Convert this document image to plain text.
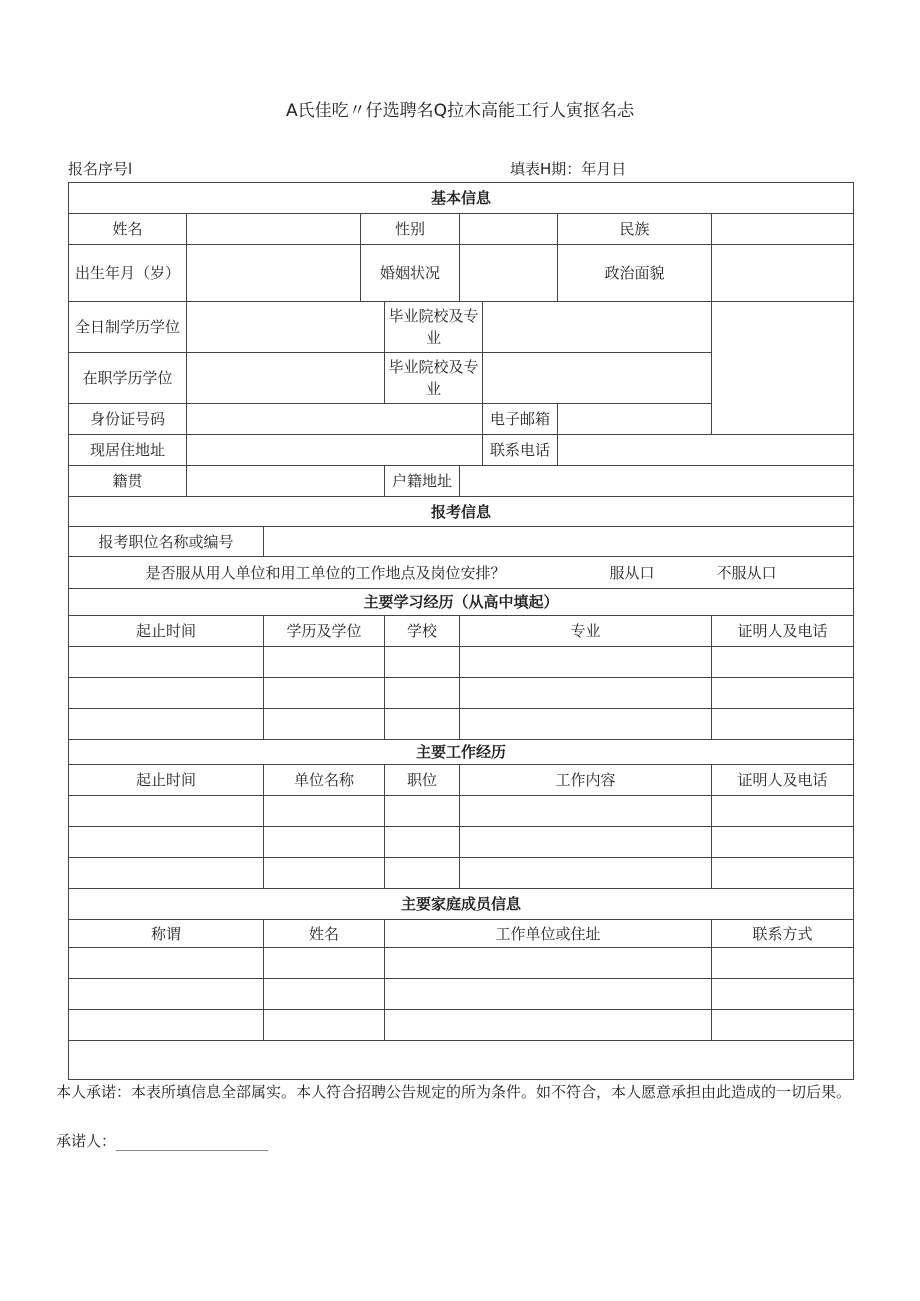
A氏佳吃〃仔选聘名Q拉木高能工行人寅抠名忐
报名序号l	填表H期：年月日
基本信息									
姓名			性别				民族		
出生年月（岁）			婚姻状况				政治面貌		
全日制学历学位				毕业院校及专业					
在职学历学位				毕业院校及专业					
身份证号码						电子邮箱			
现居住地址						联系电话			
籍贯				户籍地址					
报考信息									
报考职位名称或编号									
是否服从用人单位和用工单位的工作地点及岗位安排？ 服从口 不服从口									
主要学习经历（从高中填起）									
起止时间		学历及学位		学校	专业			证明人及电话	

主要工作经历									
起止时间		单位名称		职位	工作内容			证明人及电话	

主要家庭成员信息									
称谓		姓名		工作单位或住址				联系方式	

本人承诺：本表所填信息全部属实。本人符合招聘公告规定的所为条件。如不符合，本人愿意承担由此造成的一切后果。
承诺人：
